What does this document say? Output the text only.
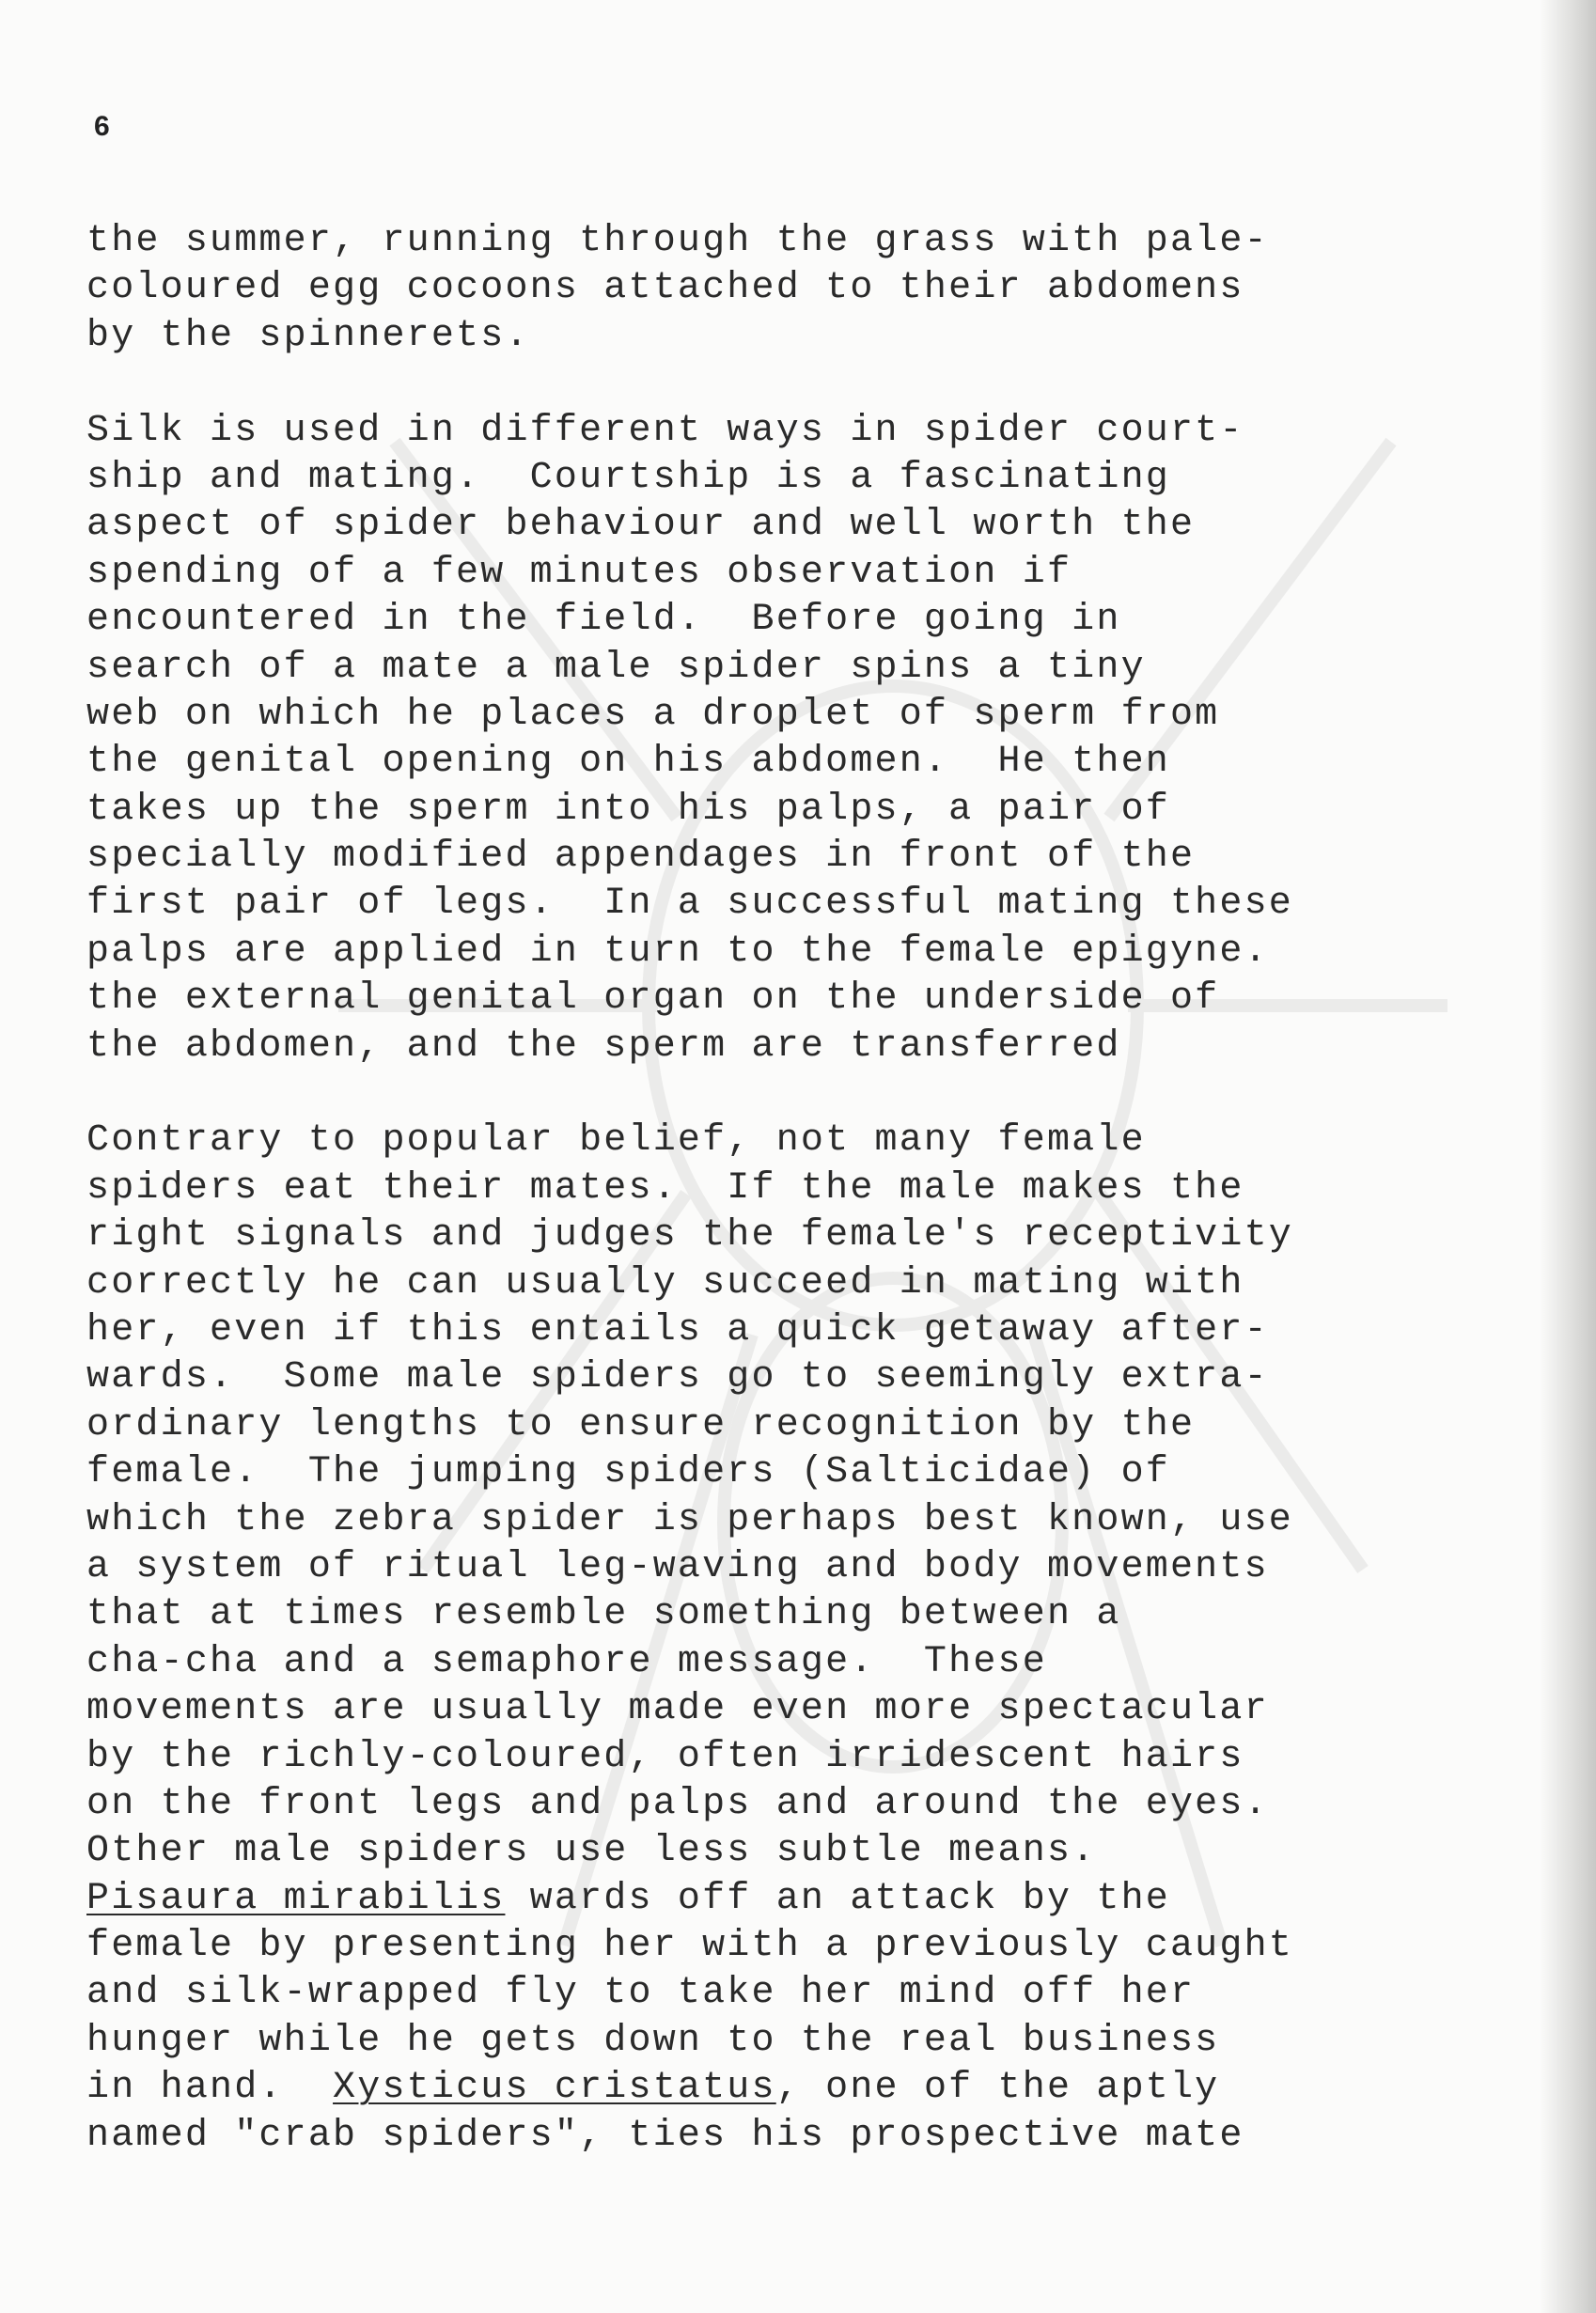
6
the summer, running through the grass with pale-
coloured egg cocoons attached to their abdomens
by the spinnerets.
Silk is used in different ways in spider court-
ship and mating.  Courtship is a fascinating
aspect of spider behaviour and well worth the
spending of a few minutes observation if
encountered in the field.  Before going in
search of a mate a male spider spins a tiny
web on which he places a droplet of sperm from
the genital opening on his abdomen.  He then
takes up the sperm into his palps, a pair of
specially modified appendages in front of the
first pair of legs.  In a successful mating these
palps are applied in turn to the female epigyne.
the external genital organ on the underside of
the abdomen, and the sperm are transferred
Contrary to popular belief, not many female
spiders eat their mates.  If the male makes the
right signals and judges the female's receptivity
correctly he can usually succeed in mating with
her, even if this entails a quick getaway after-
wards.  Some male spiders go to seemingly extra-
ordinary lengths to ensure recognition by the
female.  The jumping spiders (Salticidae) of
which the zebra spider is perhaps best known, use
a system of ritual leg-waving and body movements
that at times resemble something between a
cha-cha and a semaphore message.  These
movements are usually made even more spectacular
by the richly-coloured, often irridescent hairs
on the front legs and palps and around the eyes.
Other male spiders use less subtle means.
Pisaura mirabilis wards off an attack by the
female by presenting her with a previously caught
and silk-wrapped fly to take her mind off her
hunger while he gets down to the real business
in hand.  Xysticus cristatus, one of the aptly
named "crab spiders", ties his prospective mate
